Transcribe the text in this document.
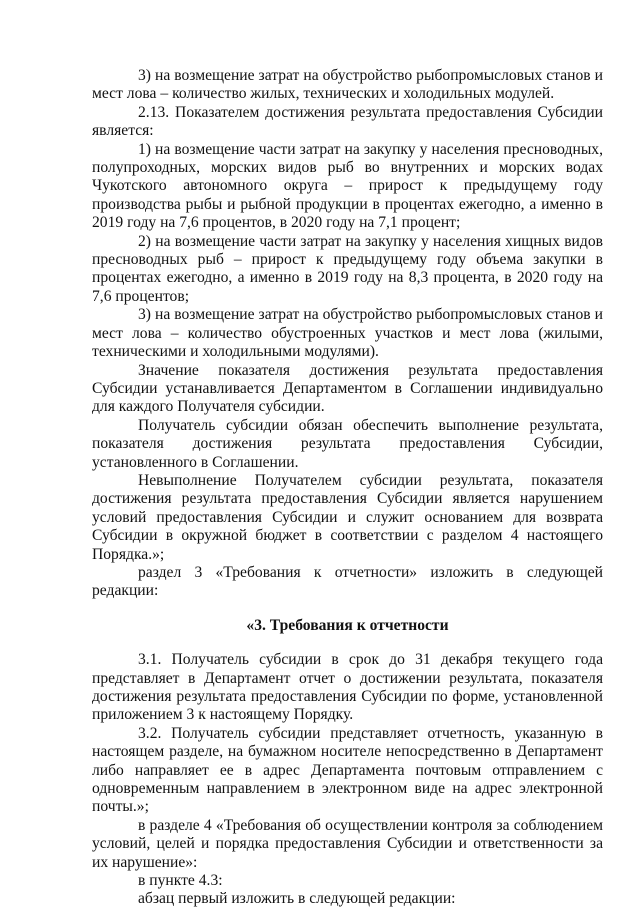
3) на возмещение затрат на обустройство рыбопромысловых станов и мест лова – количество жилых, технических и холодильных модулей.

2.13. Показателем достижения результата предоставления Субсидии является:

1) на возмещение части затрат на закупку у населения пресноводных, полупроходных, морских видов рыб во внутренних и морских водах Чукотского автономного округа – прирост к предыдущему году производства рыбы и рыбной продукции в процентах ежегодно, а именно в 2019 году на 7,6 процентов, в 2020 году на 7,1 процент;

2) на возмещение части затрат на закупку у населения хищных видов пресноводных рыб – прирост к предыдущему году объема закупки в процентах ежегодно, а именно в 2019 году на 8,3 процента, в 2020 году на 7,6 процентов;

3) на возмещение затрат на обустройство рыбопромысловых станов и мест лова – количество обустроенных участков и мест лова (жилыми, техническими и холодильными модулями).

Значение показателя достижения результата предоставления Субсидии устанавливается Департаментом в Соглашении индивидуально для каждого Получателя субсидии.

Получатель субсидии обязан обеспечить выполнение результата, показателя достижения результата предоставления Субсидии, установленного в Соглашении.

Невыполнение Получателем субсидии результата, показателя достижения результата предоставления Субсидии является нарушением условий предоставления Субсидии и служит основанием для возврата Субсидии в окружной бюджет в соответствии с разделом 4 настоящего Порядка.»;

раздел 3 «Требования к отчетности» изложить в следующей редакции:

«3. Требования к отчетности

3.1. Получатель субсидии в срок до 31 декабря текущего года представляет в Департамент отчет о достижении результата, показателя достижения результата предоставления Субсидии по форме, установленной приложением 3 к настоящему Порядку.

3.2. Получатель субсидии представляет отчетность, указанную в настоящем разделе, на бумажном носителе непосредственно в Департамент либо направляет ее в адрес Департамента почтовым отправлением с одновременным направлением в электронном виде на адрес электронной почты.»;

в разделе 4 «Требования об осуществлении контроля за соблюдением условий, целей и порядка предоставления Субсидии и ответственности за их нарушение»:

в пункте 4.3:

абзац первый изложить в следующей редакции:
